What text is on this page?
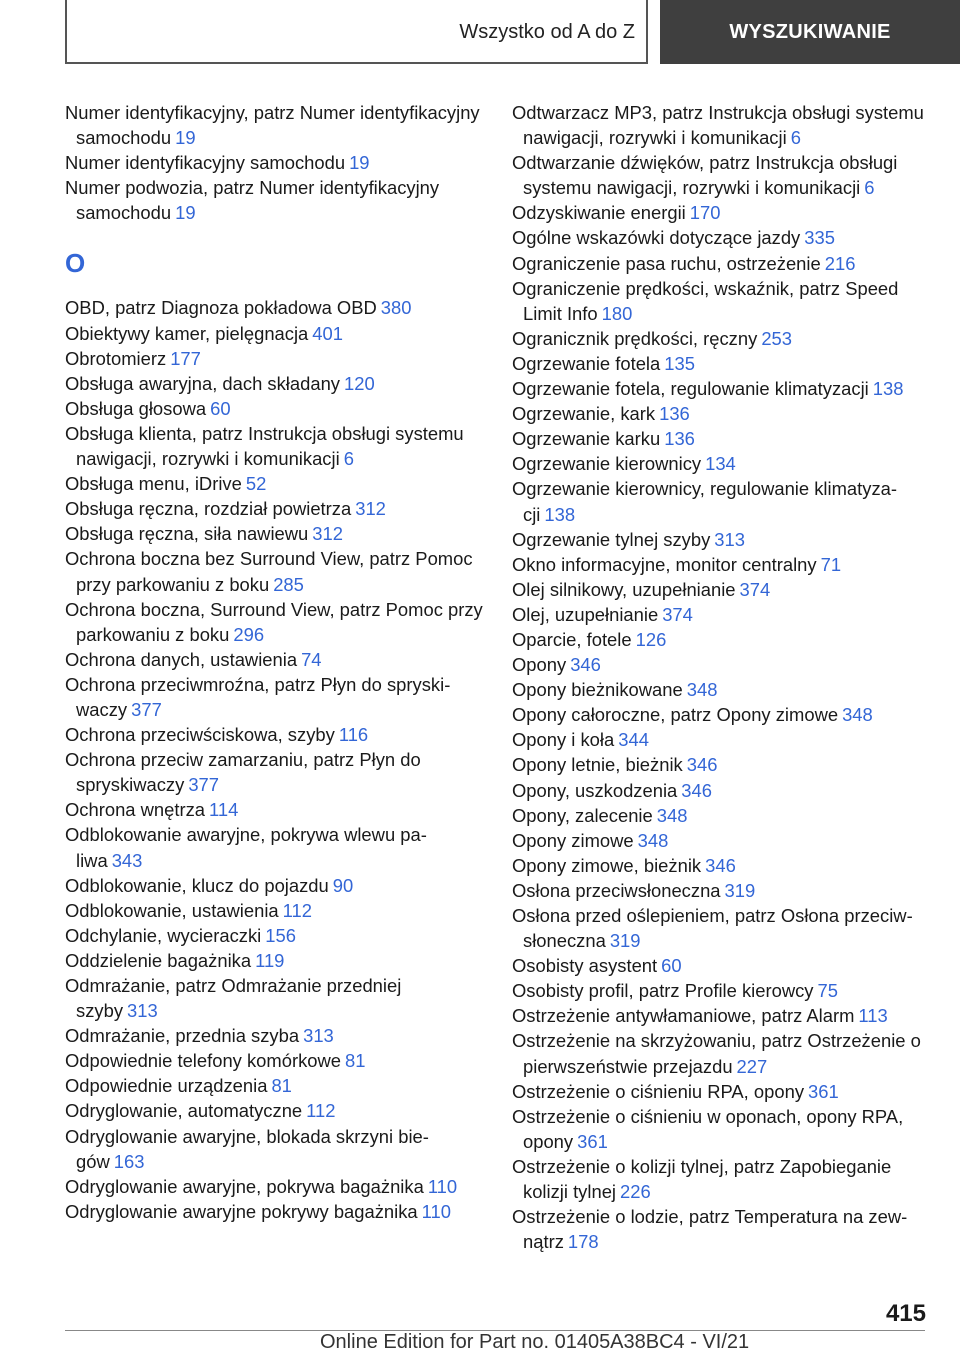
Wszystko od A do Z	WYSZUKIWANIE

Numer identyfikacyjny, patrz Numer identyfikacyjny samochodu 19

Numer identyfikacyjny samochodu 19

Numer podwozia, patrz Numer identyfikacyjny samochodu 19

O

OBD, patrz Diagnoza pokładowa OBD 380

Obiektywy kamer, pielęgnacja 401

Obrotomierz 177

Obsługa awaryjna, dach składany 120

Obsługa głosowa 60

Obsługa klienta, patrz Instrukcja obsługi systemu nawigacji, rozrywki i komunikacji 6

Obsługa menu, iDrive 52

Obsługa ręczna, rozdział powietrza 312

Obsługa ręczna, siła nawiewu 312

Ochrona boczna bez Surround View, patrz Pomoc przy parkowaniu z boku 285

Ochrona boczna, Surround View, patrz Pomoc przy parkowaniu z boku 296

Ochrona danych, ustawienia 74

Ochrona przeciwmroźna, patrz Płyn do spryskiwaczy 377

Ochrona przeciwściskowa, szyby 116

Ochrona przeciw zamarzaniu, patrz Płyn do spryskiwaczy 377

Ochrona wnętrza 114

Odblokowanie awaryjne, pokrywa wlewu paliwa 343

Odblokowanie, klucz do pojazdu 90

Odblokowanie, ustawienia 112

Odchylanie, wycieraczki 156

Oddzielenie bagażnika 119

Odmrażanie, patrz Odmrażanie przedniej szyby 313

Odmrażanie, przednia szyba 313

Odpowiednie telefony komórkowe 81

Odpowiednie urządzenia 81

Odryglowanie, automatyczne 112

Odryglowanie awaryjne, blokada skrzyni biegów 163

Odryglowanie awaryjne, pokrywa bagażnika 110

Odryglowanie awaryjne pokrywy bagażnika 110

Odtwarzacz MP3, patrz Instrukcja obsługi systemu nawigacji, rozrywki i komunikacji 6

Odtwarzanie dźwięków, patrz Instrukcja obsługi systemu nawigacji, rozrywki i komunikacji 6

Odzyskiwanie energii 170

Ogólne wskazówki dotyczące jazdy 335

Ograniczenie pasa ruchu, ostrzeżenie 216

Ograniczenie prędkości, wskaźnik, patrz Speed Limit Info 180

Ogranicznik prędkości, ręczny 253

Ogrzewanie fotela 135

Ogrzewanie fotela, regulowanie klimatyzacji 138

Ogrzewanie, kark 136

Ogrzewanie karku 136

Ogrzewanie kierownicy 134

Ogrzewanie kierownicy, regulowanie klimatyzacji 138

Ogrzewanie tylnej szyby 313

Okno informacyjne, monitor centralny 71

Olej silnikowy, uzupełnianie 374

Olej, uzupełnianie 374

Oparcie, fotele 126

Opony 346

Opony bieżnikowane 348

Opony całoroczne, patrz Opony zimowe 348

Opony i koła 344

Opony letnie, bieżnik 346

Opony, uszkodzenia 346

Opony, zalecenie 348

Opony zimowe 348

Opony zimowe, bieżnik 346

Osłona przeciwsłoneczna 319

Osłona przed oślepieniem, patrz Osłona przeciwsłoneczna 319

Osobisty asystent 60

Osobisty profil, patrz Profile kierowcy 75

Ostrzeżenie antywłamaniowe, patrz Alarm 113

Ostrzeżenie na skrzyżowaniu, patrz Ostrzeżenie o pierwszeństwie przejazdu 227

Ostrzeżenie o ciśnieniu RPA, opony 361

Ostrzeżenie o ciśnieniu w oponach, opony RPA, opony 361

Ostrzeżenie o kolizji tylnej, patrz Zapobieganie kolizji tylnej 226

Ostrzeżenie o lodzie, patrz Temperatura na zewnątrz 178

415
Online Edition for Part no. 01405A38BC4 - VI/21
